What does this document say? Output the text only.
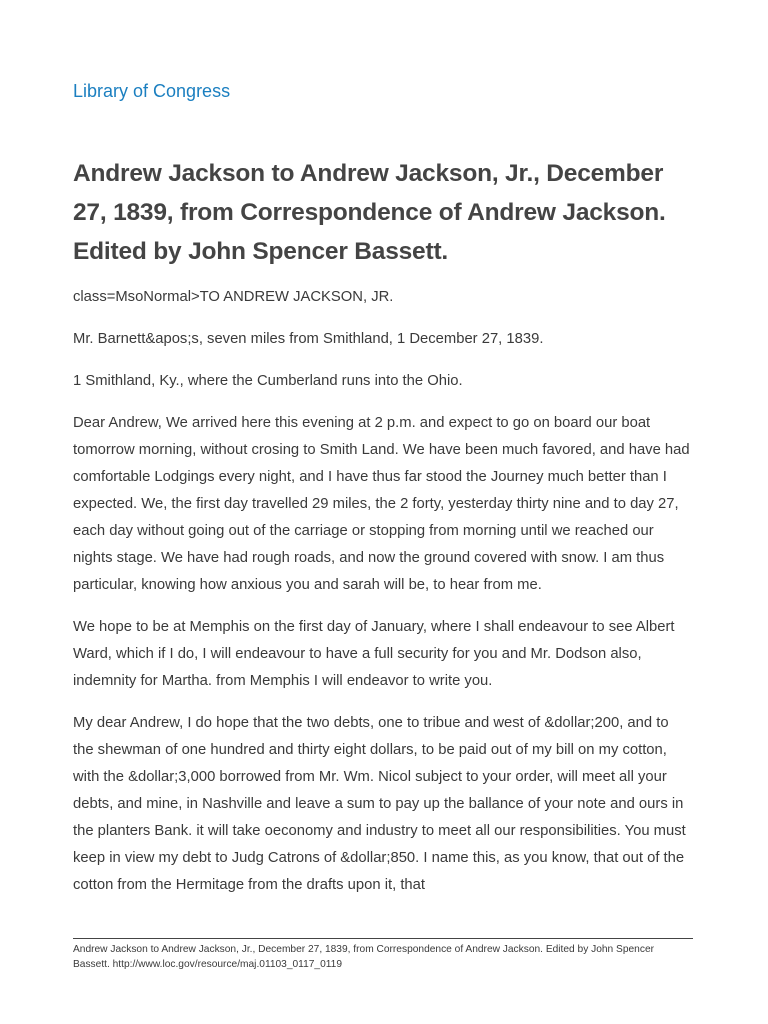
Library of Congress
Andrew Jackson to Andrew Jackson, Jr., December 27, 1839, from Correspondence of Andrew Jackson. Edited by John Spencer Bassett.

class=MsoNormal>TO ANDREW JACKSON, JR.

Mr. Barnett&apos;s, seven miles from Smithland, 1 December 27, 1839.

1 Smithland, Ky., where the Cumberland runs into the Ohio.

Dear Andrew, We arrived here this evening at 2 p.m. and expect to go on board our boat tomorrow morning, without crosing to Smith Land. We have been much favored, and have had comfortable Lodgings every night, and I have thus far stood the Journey much better than I expected. We, the first day travelled 29 miles, the 2 forty, yesterday thirty nine and to day 27, each day without going out of the carriage or stopping from morning until we reached our nights stage. We have had rough roads, and now the ground covered with snow. I am thus particular, knowing how anxious you and sarah will be, to hear from me.

We hope to be at Memphis on the first day of January, where I shall endeavour to see Albert Ward, which if I do, I will endeavour to have a full security for you and Mr. Dodson also, indemnity for Martha. from Memphis I will endeavor to write you.

My dear Andrew, I do hope that the two debts, one to tribue and west of &dollar;200, and to the shewman of one hundred and thirty eight dollars, to be paid out of my bill on my cotton, with the &dollar;3,000 borrowed from Mr. Wm. Nicol subject to your order, will meet all your debts, and mine, in Nashville and leave a sum to pay up the ballance of your note and ours in the planters Bank. it will take oeconomy and industry to meet all our responsibilities. You must keep in view my debt to Judg Catrons of &dollar;850. I name this, as you know, that out of the cotton from the Hermitage from the drafts upon it, that

Andrew Jackson to Andrew Jackson, Jr., December 27, 1839, from Correspondence of Andrew Jackson. Edited by John Spencer Bassett. http://www.loc.gov/resource/maj.01103_0117_0119
